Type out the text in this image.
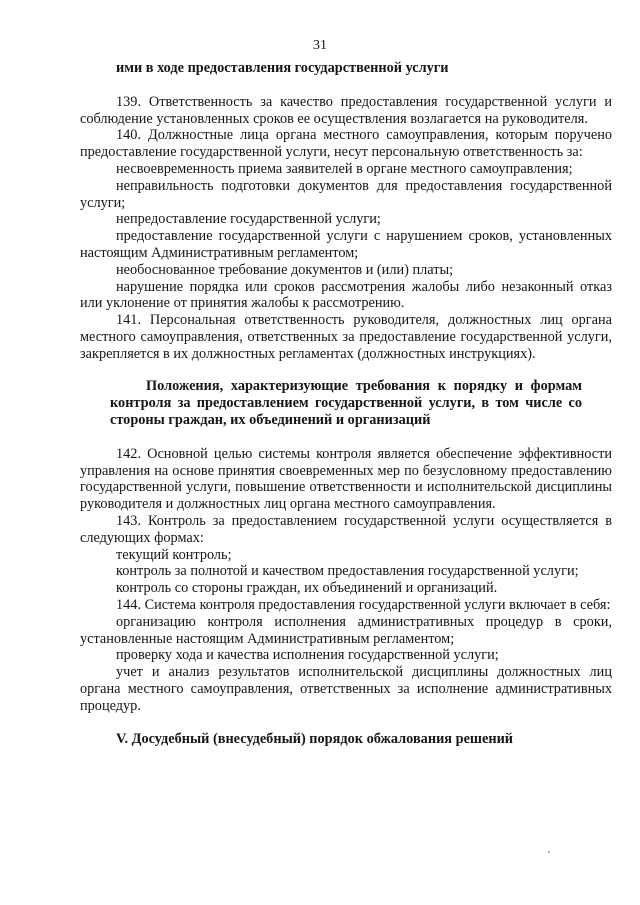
31

ими в ходе предоставления государственной услуги

139. Ответственность за качество предоставления государственной услуги и соблюдение установленных сроков ее осуществления возлагается на руководителя.

140. Должностные лица органа местного самоуправления, которым поручено предоставление государственной услуги, несут персональную ответственность за:

несвоевременность приема заявителей в органе местного самоуправления;

неправильность подготовки документов для предоставления государственной услуги;

непредоставление государственной услуги;

предоставление государственной услуги с нарушением сроков, установленных настоящим Административным регламентом;

необоснованное требование документов и (или) платы;

нарушение порядка или сроков рассмотрения жалобы либо незаконный отказ или уклонение от принятия жалобы к рассмотрению.

141. Персональная ответственность руководителя, должностных лиц органа местного самоуправления, ответственных за предоставление государственной услуги, закрепляется в их должностных регламентах (должностных инструкциях).

Положения, характеризующие требования к порядку и формам контроля за предоставлением государственной услуги, в том числе со стороны граждан, их объединений и организаций

142. Основной целью системы контроля является обеспечение эффективности управления на основе принятия своевременных мер по безусловному предоставлению государственной услуги, повышение ответственности и исполнительской дисциплины руководителя и должностных лиц органа местного самоуправления.

143. Контроль за предоставлением государственной услуги осуществляется в следующих формах:

текущий контроль;

контроль за полнотой и качеством предоставления государственной услуги;

контроль со стороны граждан, их объединений и организаций.

144. Система контроля предоставления государственной услуги включает в себя:

организацию контроля исполнения административных процедур в сроки, установленные настоящим Административным регламентом;

проверку хода и качества исполнения государственной услуги;

учет и анализ результатов исполнительской дисциплины должностных лиц органа местного самоуправления, ответственных за исполнение административных процедур.

V. Досудебный (внесудебный) порядок обжалования решений
